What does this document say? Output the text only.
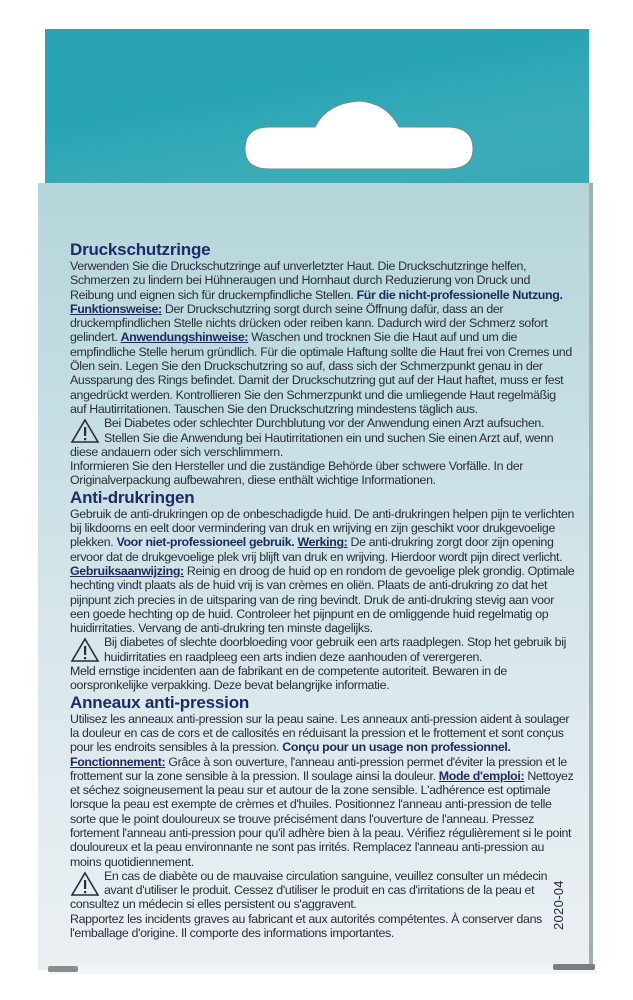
Druckschutzringe

Verwenden Sie die Druckschutzringe auf unverletzter Haut. Die Druckschutzringe helfen, Schmerzen zu lindern bei Hühneraugen und Hornhaut durch Reduzierung von Druck und Reibung und eignen sich für druckempfindliche Stellen. Für die nicht-professionelle Nutzung. Funktionsweise: Der Druckschutzring sorgt durch seine Öffnung dafür, dass an der druckempfindlichen Stelle nichts drücken oder reiben kann. Dadurch wird der Schmerz sofort gelindert. Anwendungshinweise: Waschen und trocknen Sie die Haut auf und um die empfindliche Stelle herum gründlich. Für die optimale Haftung sollte die Haut frei von Cremes und Ölen sein. Legen Sie den Druckschutzring so auf, dass sich der Schmerzpunkt genau in der Aussparung des Rings befindet. Damit der Druckschutzring gut auf der Haut haftet, muss er fest angedrückt werden. Kontrollieren Sie den Schmerzpunkt und die umliegende Haut regelmäßig auf Hautirritationen. Tauschen Sie den Druckschutzring mindestens täglich aus.

Bei Diabetes oder schlechter Durchblutung vor der Anwendung einen Arzt aufsuchen. Stellen Sie die Anwendung bei Hautirritationen ein und suchen Sie einen Arzt auf, wenn diese andauern oder sich verschlimmern.

Informieren Sie den Hersteller und die zuständige Behörde über schwere Vorfälle. In der Originalverpackung aufbewahren, diese enthält wichtige Informationen.

Anti-drukringen

Gebruik de anti-drukringen op de onbeschadigde huid. De anti-drukringen helpen pijn te verlichten bij likdoorns en eelt door vermindering van druk en wrijving en zijn geschikt voor drukgevoelige plekken. Voor niet-professioneel gebruik. Werking: De anti-drukring zorgt door zijn opening ervoor dat de drukgevoelige plek vrij blijft van druk en wrijving. Hierdoor wordt pijn direct verlicht. Gebruiksaanwijzing: Reinig en droog de huid op en rondom de gevoelige plek grondig. Optimale hechting vindt plaats als de huid vrij is van crèmes en oliën. Plaats de anti-drukring zo dat het pijnpunt zich precies in de uitsparing van de ring bevindt. Druk de anti-drukring stevig aan voor een goede hechting op de huid. Controleer het pijnpunt en de omliggende huid regelmatig op huidirritaties. Vervang de anti-drukring ten minste dagelijks.

Bij diabetes of slechte doorbloeding voor gebruik een arts raadplegen. Stop het gebruik bij huidirritaties en raadpleeg een arts indien deze aanhouden of verergeren.

Meld ernstige incidenten aan de fabrikant en de competente autoriteit. Bewaren in de oorspronkelijke verpakking. Deze bevat belangrijke informatie.

Anneaux anti-pression

Utilisez les anneaux anti-pression sur la peau saine. Les anneaux anti-pression aident à soulager la douleur en cas de cors et de callosités en réduisant la pression et le frottement et sont conçus pour les endroits sensibles à la pression. Conçu pour un usage non professionnel. Fonctionnement: Grâce à son ouverture, l'anneau anti-pression permet d'éviter la pression et le frottement sur la zone sensible à la pression. Il soulage ainsi la douleur. Mode d'emploi: Nettoyez et séchez soigneusement la peau sur et autour de la zone sensible. L'adhérence est optimale lorsque la peau est exempte de crèmes et d'huiles. Positionnez l'anneau anti-pression de telle sorte que le point douloureux se trouve précisément dans l'ouverture de l'anneau. Pressez fortement l'anneau anti-pression pour qu'il adhère bien à la peau. Vérifiez régulièrement si le point douloureux et la peau environnante ne sont pas irrités. Remplacez l'anneau anti-pression au moins quotidiennement.

En cas de diabète ou de mauvaise circulation sanguine, veuillez consulter un médecin avant d'utiliser le produit. Cessez d'utiliser le produit en cas d'irritations de la peau et consultez un médecin si elles persistent ou s'aggravent.

Rapportez les incidents graves au fabricant et aux autorités compétentes. À conserver dans l'emballage d'origine. Il comporte des informations importantes.

2020-04
